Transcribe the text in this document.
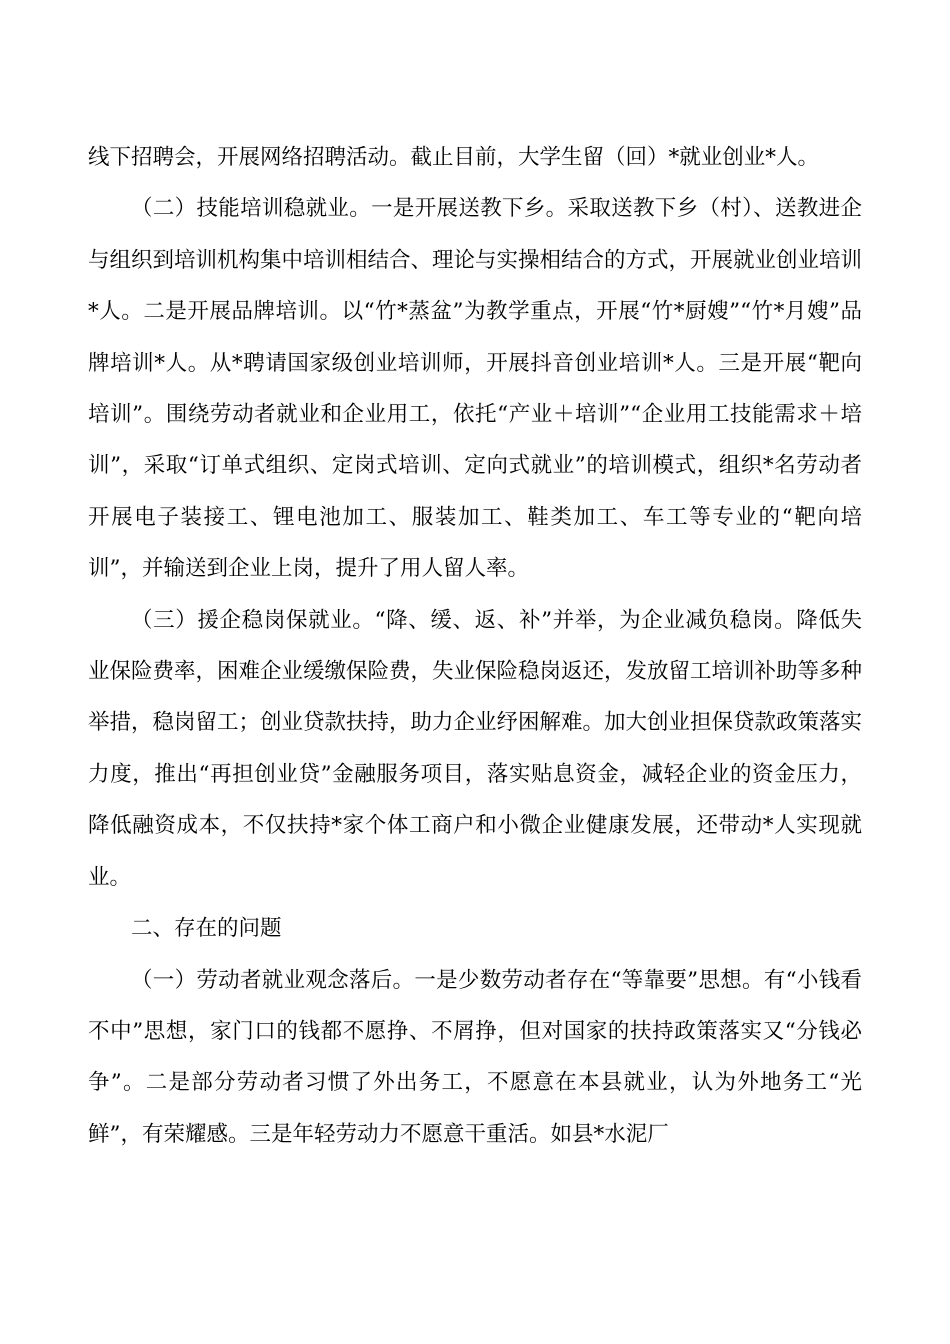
线下招聘会，开展网络招聘活动。截止目前，大学生留（回）*就业创业*人。

（二）技能培训稳就业。一是开展送教下乡。采取送教下乡（村）、送教进企与组织到培训机构集中培训相结合、理论与实操相结合的方式，开展就业创业培训*人。二是开展品牌培训。以“竹*蒸盆”为教学重点，开展“竹*厨嫂”“竹*月嫂”品牌培训*人。从*聘请国家级创业培训师，开展抖音创业培训*人。三是开展“靶向培训”。围绕劳动者就业和企业用工，依托“产业＋培训”“企业用工技能需求＋培训”，采取“订单式组织、定岗式培训、定向式就业”的培训模式，组织*名劳动者开展电子装接工、锂电池加工、服装加工、鞋类加工、车工等专业的“靶向培训”，并输送到企业上岗，提升了用人留人率。

（三）援企稳岗保就业。“降、缓、返、补”并举，为企业减负稳岗。降低失业保险费率，困难企业缓缴保险费，失业保险稳岗返还，发放留工培训补助等多种举措，稳岗留工；创业贷款扶持，助力企业纾困解难。加大创业担保贷款政策落实力度，推出“再担创业贷”金融服务项目，落实贴息资金，减轻企业的资金压力，降低融资成本，不仅扶持*家个体工商户和小微企业健康发展，还带动*人实现就业。

二、存在的问题

（一）劳动者就业观念落后。一是少数劳动者存在“等靠要”思想。有“小钱看不中”思想，家门口的钱都不愿挣、不屑挣，但对国家的扶持政策落实又“分钱必争”。二是部分劳动者习惯了外出务工，不愿意在本县就业，认为外地务工“光鲜”，有荣耀感。三是年轻劳动力不愿意干重活。如县*水泥厂
